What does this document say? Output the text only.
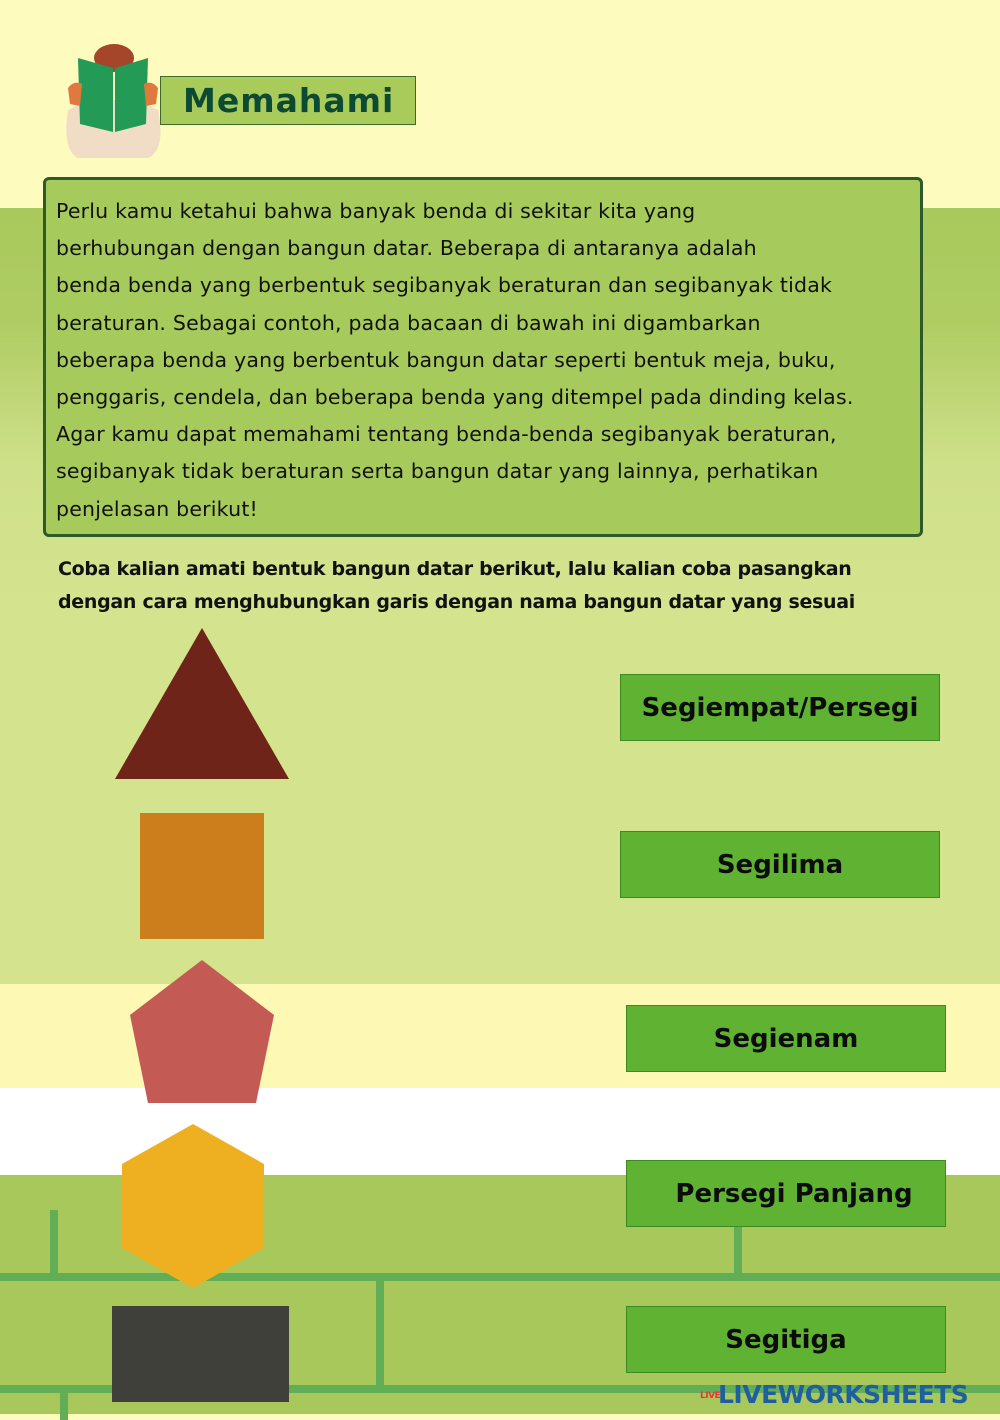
Memahami
Perlu kamu ketahui bahwa banyak benda di sekitar kita yang
berhubungan dengan bangun datar. Beberapa di antaranya adalah
benda benda yang berbentuk segibanyak beraturan dan segibanyak tidak
beraturan. Sebagai contoh, pada bacaan di bawah ini digambarkan
beberapa benda yang berbentuk bangun datar seperti bentuk meja, buku,
penggaris, cendela, dan beberapa benda yang ditempel pada dinding kelas.
Agar kamu dapat memahami tentang benda-benda segibanyak beraturan,
segibanyak tidak beraturan serta bangun datar yang lainnya, perhatikan
penjelasan berikut!
Coba kalian amati bentuk bangun datar berikut, lalu kalian coba pasangkan
dengan cara menghubungkan garis dengan nama bangun datar yang sesuai
Segiempat/Persegi
Segilima
Segienam
Persegi Panjang
Segitiga
LIVELIVEWORKSHEETS
